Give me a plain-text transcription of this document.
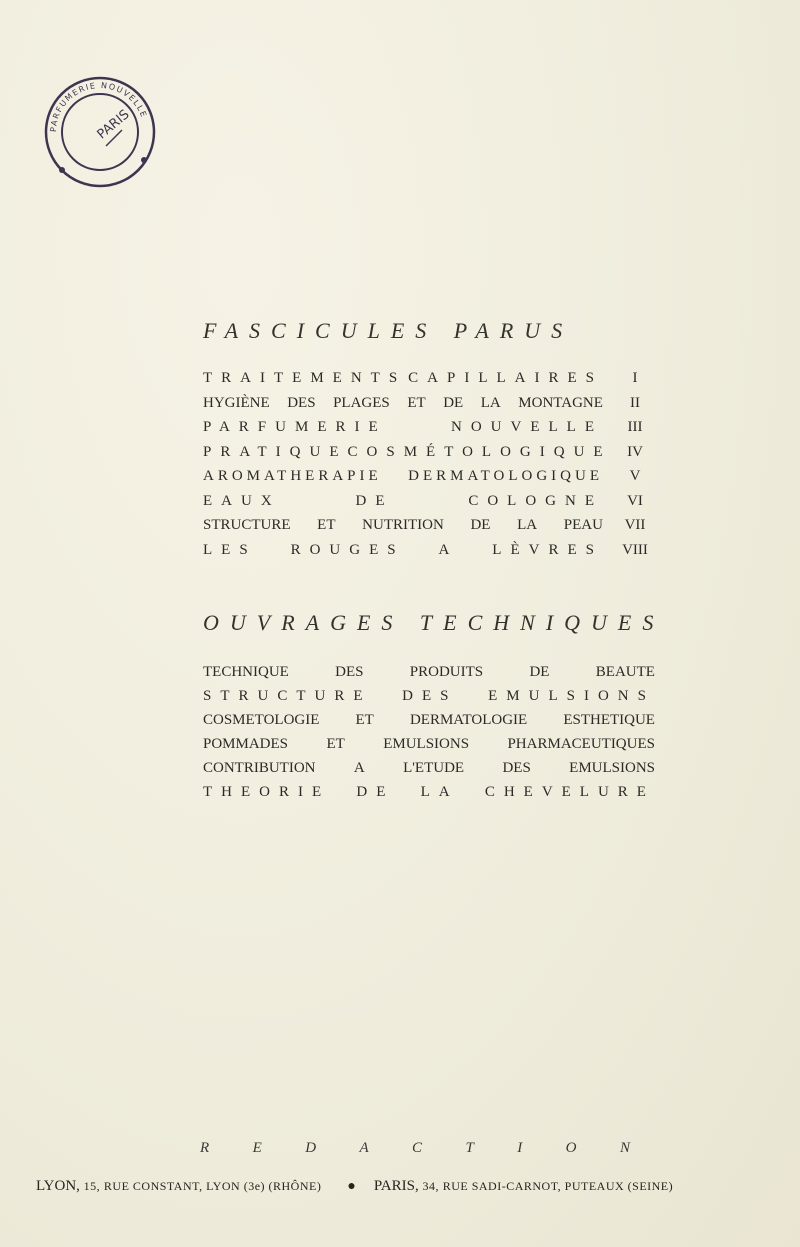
PARFUMERIE NOUVELLE
PARIS
FASCICULES PARUS
TRAITEMENTS CAPILLAIRES	I
HYGIÈNE DES PLAGES ET DE LA MONTAGNE	II
PARFUMERIE	NOUVELLE	III
PRATIQUE COSMÉTOLOGIQUE	IV
AROMATHERAPIE DERMATOLOGIQUE	V
EAUX	DE	COLOGNE	VI
STRUCTURE ET NUTRITION DE LA PEAU	VII
LES ROUGES A LÈVRES	VIII
OUVRAGES TECHNIQUES
TECHNIQUE	DES	PRODUITS	DE	BEAUTE
STRUCTURE DES EMULSIONS
COSMETOLOGIE ET DERMATOLOGIE ESTHETIQUE
POMMADES	ET	EMULSIONS	PHARMACEUTIQUES
CONTRIBUTION	A	L'ETUDE	DES	EMULSIONS
THEORIE DE LA CHEVELURE
R	E	D	A	C	T	I	O	N
LYON, 15, RUE CONSTANT, LYON (3e) (RHÔNE) ● PARIS, 34, RUE SADI-CARNOT, PUTEAUX (SEINE)
